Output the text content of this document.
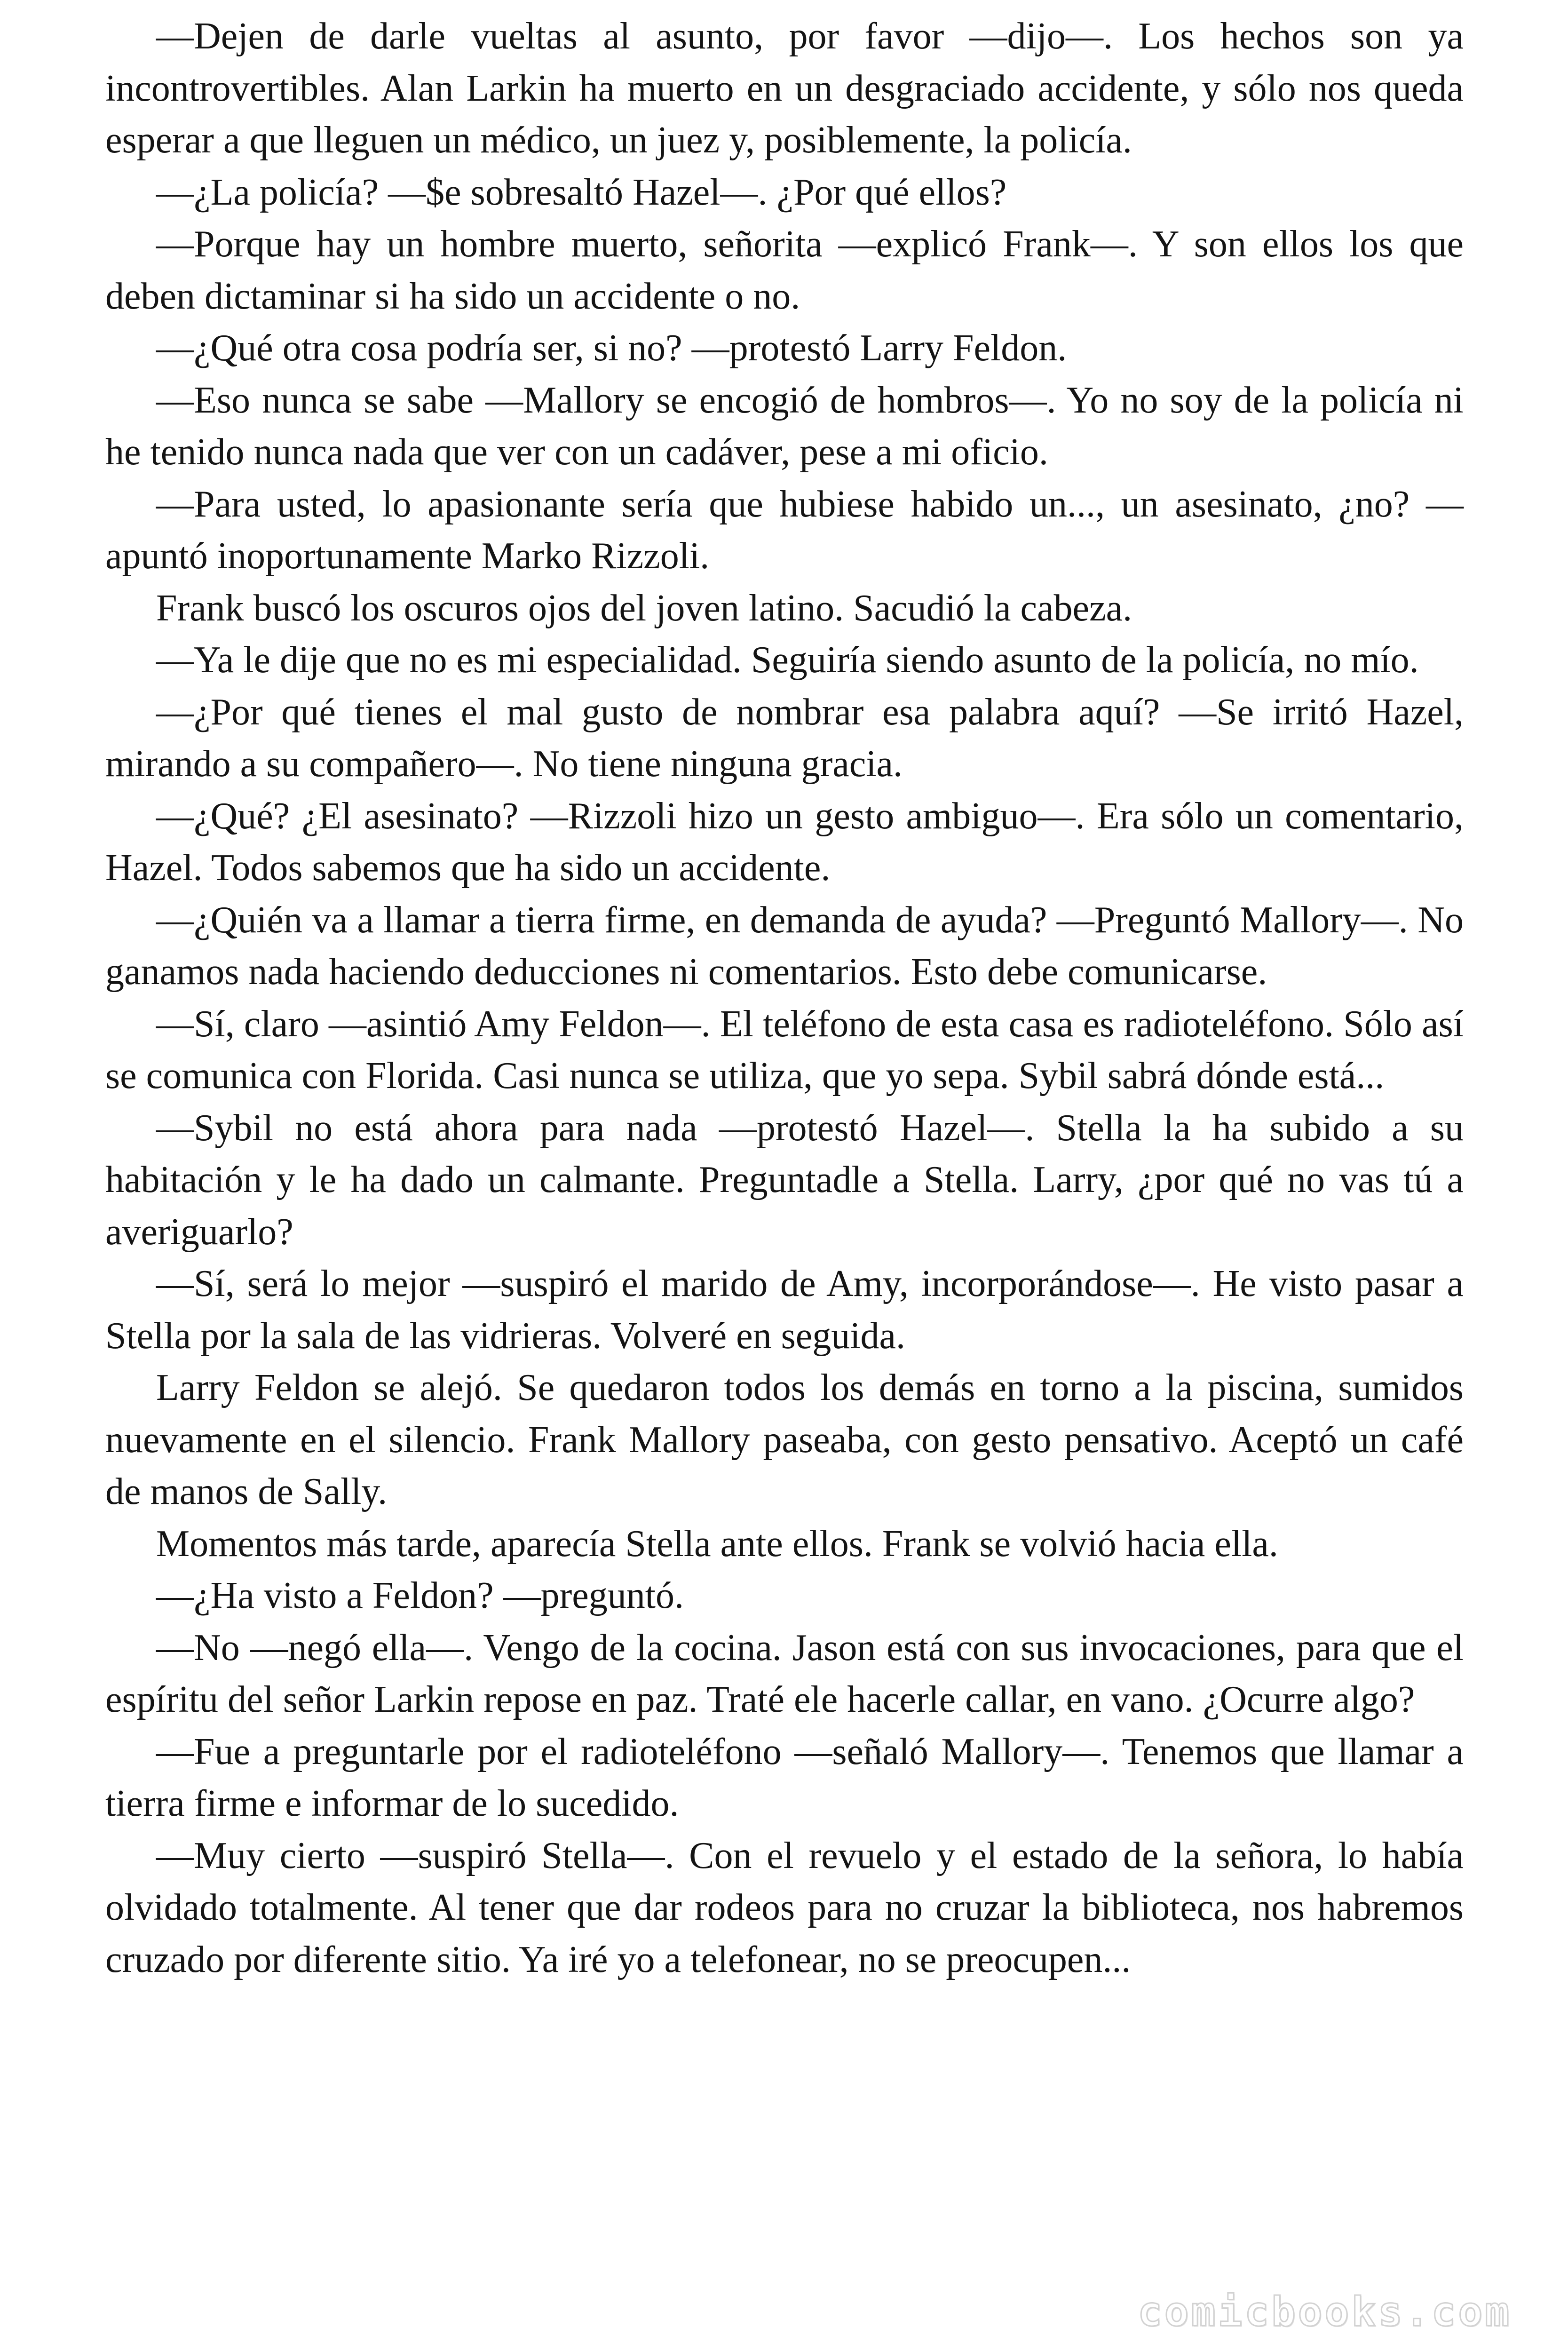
—Dejen de darle vueltas al asunto, por favor —dijo—. Los hechos son ya incontrovertibles. Alan Larkin ha muerto en un desgraciado accidente, y sólo nos queda esperar a que lleguen un médico, un juez y, posiblemente, la policía.

—¿La policía? —$e sobresaltó Hazel—. ¿Por qué ellos?

—Porque hay un hombre muerto, señorita —explicó Frank—. Y son ellos los que deben dictaminar si ha sido un accidente o no.

—¿Qué otra cosa podría ser, si no? —protestó Larry Feldon.

—Eso nunca se sabe —Mallory se encogió de hombros—. Yo no soy de la policía ni he tenido nunca nada que ver con un cadáver, pese a mi oficio.

—Para usted, lo apasionante sería que hubiese habido un..., un asesinato, ¿no? —apuntó inoportunamente Marko Rizzoli.

Frank buscó los oscuros ojos del joven latino. Sacudió la cabeza.

—Ya le dije que no es mi especialidad. Seguiría siendo asunto de la policía, no mío.

—¿Por qué tienes el mal gusto de nombrar esa palabra aquí? —Se irritó Hazel, mirando a su compañero—. No tiene ninguna gracia.

—¿Qué? ¿El asesinato? —Rizzoli hizo un gesto ambiguo—. Era sólo un comentario, Hazel. Todos sabemos que ha sido un accidente.

—¿Quién va a llamar a tierra firme, en demanda de ayuda? —Preguntó Mallory—. No ganamos nada haciendo deducciones ni comentarios. Esto debe comunicarse.

—Sí, claro —asintió Amy Feldon—. El teléfono de esta casa es radioteléfono. Sólo así se comunica con Florida. Casi nunca se utiliza, que yo sepa. Sybil sabrá dónde está...

—Sybil no está ahora para nada —protestó Hazel—. Stella la ha subido a su habitación y le ha dado un calmante. Preguntadle a Stella. Larry, ¿por qué no vas tú a averiguarlo?

—Sí, será lo mejor —suspiró el marido de Amy, incorporándose—. He visto pasar a Stella por la sala de las vidrieras. Volveré en seguida.

Larry Feldon se alejó. Se quedaron todos los demás en torno a la piscina, sumidos nuevamente en el silencio. Frank Mallory paseaba, con gesto pensativo. Aceptó un café de manos de Sally.

Momentos más tarde, aparecía Stella ante ellos. Frank se volvió hacia ella.

—¿Ha visto a Feldon? —preguntó.

—No —negó ella—. Vengo de la cocina. Jason está con sus invocaciones, para que el espíritu del señor Larkin repose en paz. Traté ele hacerle callar, en vano. ¿Ocurre algo?

—Fue a preguntarle por el radioteléfono —señaló Mallory—. Tenemos que llamar a tierra firme e informar de lo sucedido.

—Muy cierto —suspiró Stella—. Con el revuelo y el estado de la señora, lo había olvidado totalmente. Al tener que dar rodeos para no cruzar la biblioteca, nos habremos cruzado por diferente sitio. Ya iré yo a telefonear, no se preocupen...

comicbooks.com
